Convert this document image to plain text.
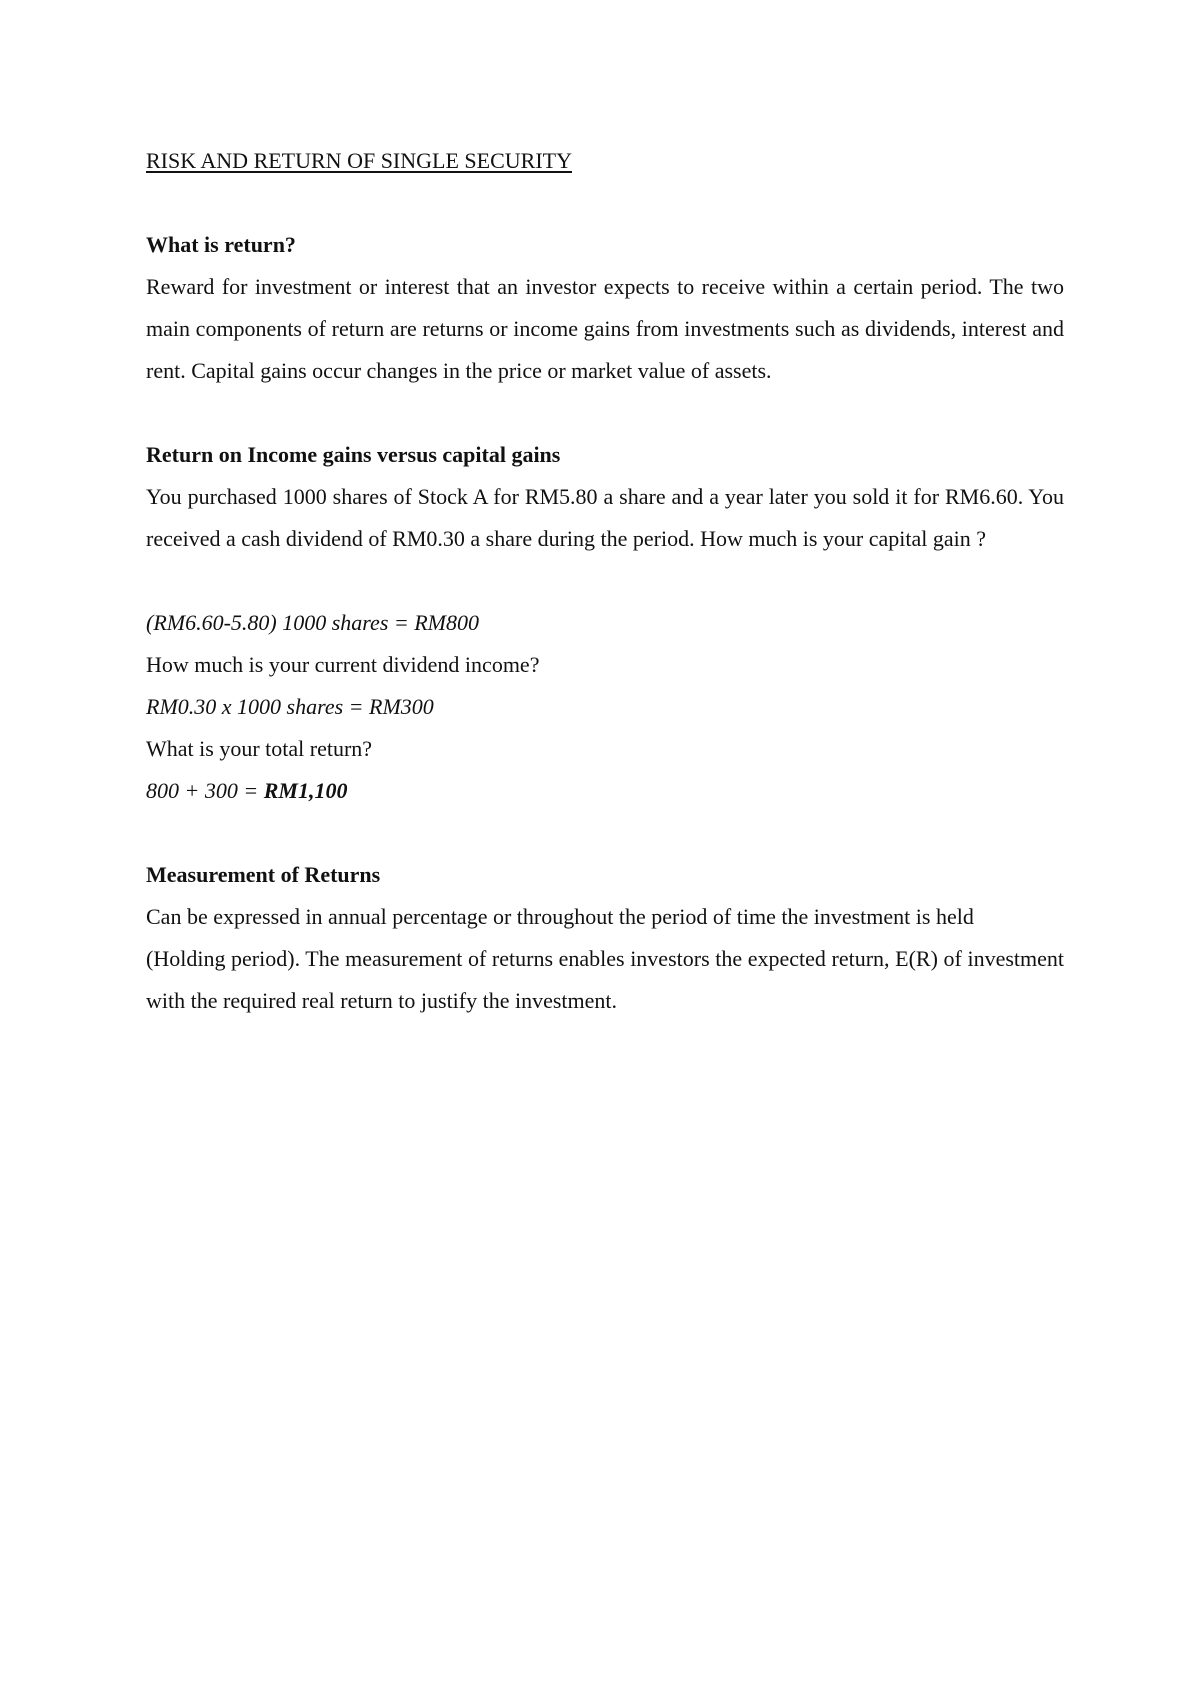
RISK AND RETURN OF SINGLE SECURITY

What is return?

Reward for investment or interest that an investor expects to receive within a certain period. The two main components of return are returns or income gains from investments such as dividends, interest and rent. Capital gains occur changes in the price or market value of assets.

Return on Income gains versus capital gains

You purchased 1000 shares of Stock A for RM5.80 a share and a year later you sold it for RM6.60. You received a cash dividend of RM0.30 a share during the period. How much is your capital gain ?

(RM6.60-5.80) 1000 shares = RM800

How much is your current dividend income?

RM0.30 x 1000 shares = RM300

What is your total return?

800 + 300 = RM1,100

Measurement of Returns

Can be expressed in annual percentage or throughout the period of time the investment is held

(Holding period). The measurement of returns enables investors the expected return, E(R) of investment with the required real return to justify the investment.
